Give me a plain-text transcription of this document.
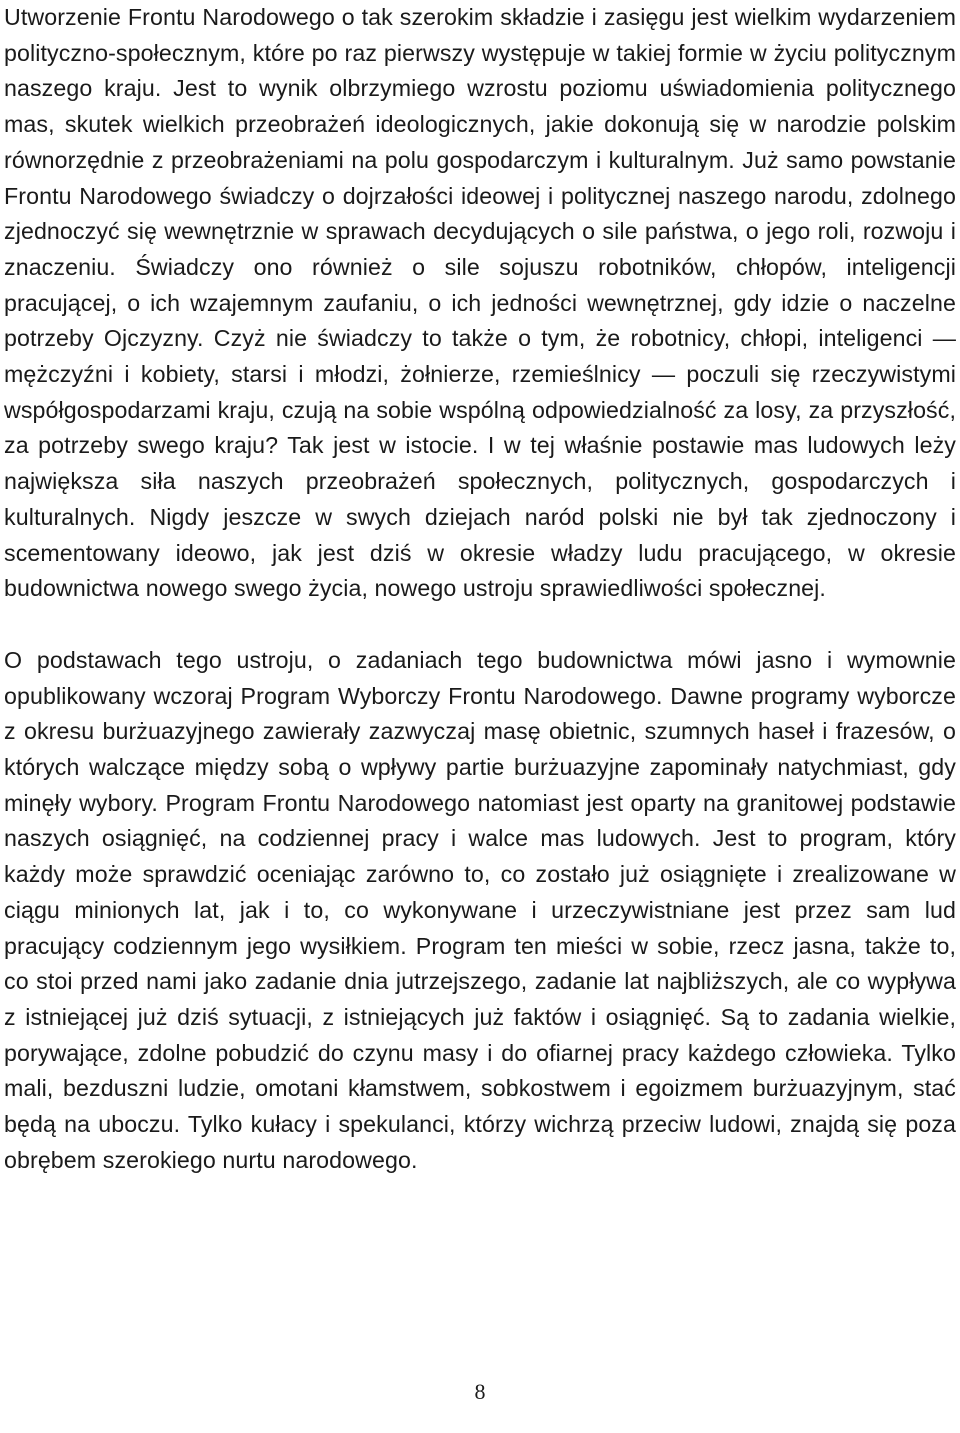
Utworzenie Frontu Narodowego o tak szerokim składzie i zasięgu jest wielkim wydarzeniem polityczno-społecznym, które po raz pierwszy występuje w takiej formie w życiu politycznym naszego kraju. Jest to wynik olbrzymiego wzrostu poziomu uświadomienia politycznego mas, skutek wielkich przeobrażeń ideologicznych, jakie dokonują się w narodzie polskim równorzędnie z przeobrażeniami na polu gospodarczym i kulturalnym. Już samo powstanie Frontu Narodowego świadczy o dojrzałości ideowej i politycznej naszego narodu, zdolnego zjednoczyć się wewnętrznie w sprawach decydujących o sile państwa, o jego roli, rozwoju i znaczeniu. Świadczy ono również o sile sojuszu robotników, chłopów, inteligencji pracującej, o ich wzajemnym zaufaniu, o ich jedności wewnętrznej, gdy idzie o naczelne potrzeby Ojczyzny. Czyż nie świadczy to także o tym, że robotnicy, chłopi, inteligenci — mężczyźni i kobiety, starsi i młodzi, żołnierze, rzemieślnicy — poczuli się rzeczywistymi współgospodarzami kraju, czują na sobie wspólną odpowiedzialność za losy, za przyszłość, za potrzeby swego kraju? Tak jest w istocie. I w tej właśnie postawie mas ludowych leży największa siła naszych przeobrażeń społecznych, politycznych, gospodarczych i kulturalnych. Nigdy jeszcze w swych dziejach naród polski nie był tak zjednoczony i scementowany ideowo, jak jest dziś w okresie władzy ludu pracującego, w okresie budownictwa nowego swego życia, nowego ustroju sprawiedliwości społecznej.

O podstawach tego ustroju, o zadaniach tego budownictwa mówi jasno i wymownie opublikowany wczoraj Program Wyborczy Frontu Narodowego. Dawne programy wyborcze z okresu burżuazyjnego zawierały zazwyczaj masę obietnic, szumnych haseł i frazesów, o których walczące między sobą o wpływy partie burżuazyjne zapominały natychmiast, gdy minęły wybory. Program Frontu Narodowego natomiast jest oparty na granitowej podstawie naszych osiągnięć, na codziennej pracy i walce mas ludowych. Jest to program, który każdy może sprawdzić oceniając zarówno to, co zostało już osiągnięte i zrealizowane w ciągu minionych lat, jak i to, co wykonywane i urzeczywistniane jest przez sam lud pracujący codziennym jego wysiłkiem. Program ten mieści w sobie, rzecz jasna, także to, co stoi przed nami jako zadanie dnia jutrzejszego, zadanie lat najbliższych, ale co wypływa z istniejącej już dziś sytuacji, z istniejących już faktów i osiągnięć. Są to zadania wielkie, porywające, zdolne pobudzić do czynu masy i do ofiarnej pracy każdego człowieka. Tylko mali, bezduszni ludzie, omotani kłamstwem, sobkostwem i egoizmem burżuazyjnym, stać będą na uboczu. Tylko kułacy i spekulanci, którzy wichrzą przeciw ludowi, znajdą się poza obrębem szerokiego nurtu narodowego.

8
